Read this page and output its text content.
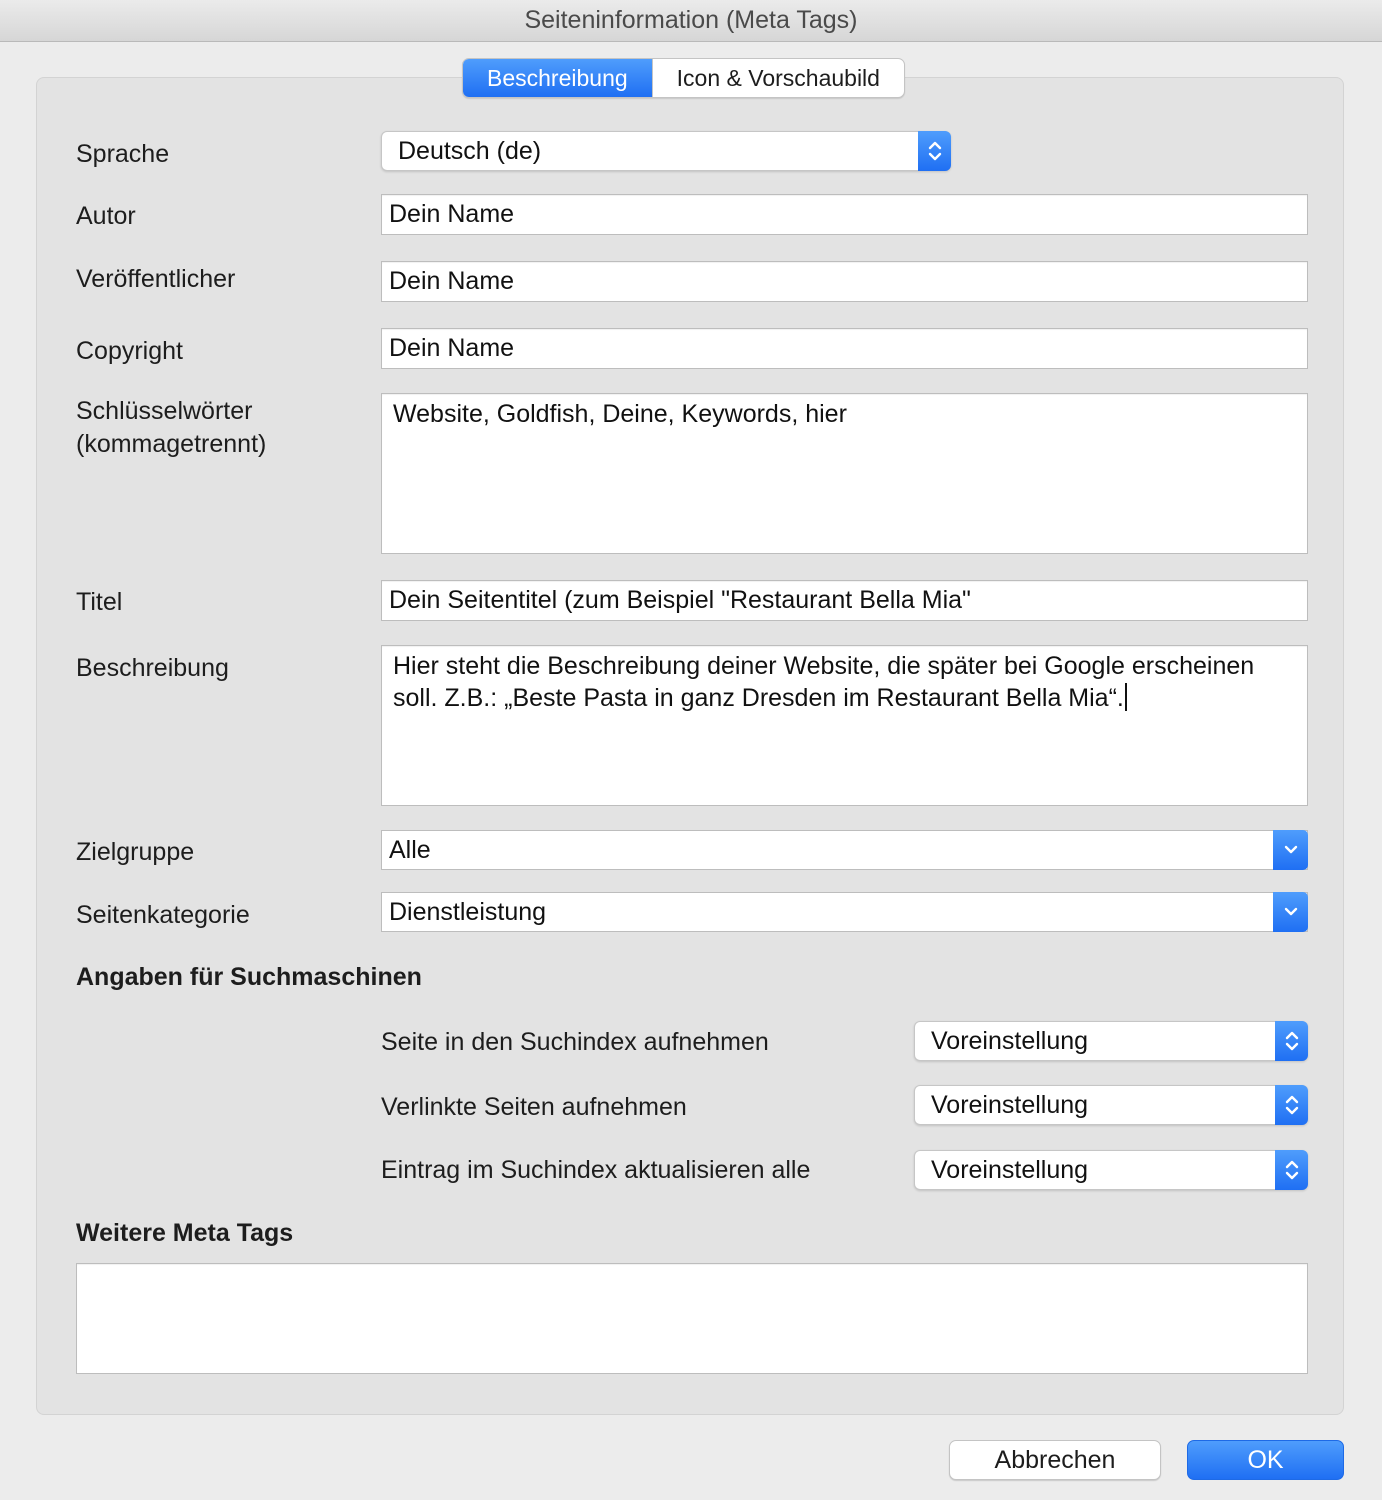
Seiteninformation (Meta Tags)
Beschreibung	Icon & Vorschaubild
Sprache	Deutsch (de)
Autor	Dein Name
Veröffentlicher	Dein Name
Copyright	Dein Name
Schlüsselwörter
(kommagetrennt)
Website, Goldfish, Deine, Keywords, hier
Titel	Dein Seitentitel (zum Beispiel "Restaurant Bella Mia"
Beschreibung	Hier steht die Beschreibung deiner Website, die später bei Google erscheinen soll. Z.B.: „Beste Pasta in ganz Dresden im Restaurant Bella Mia“.
Zielgruppe	Alle
Seitenkategorie	Dienstleistung
Angaben für Suchmaschinen
Seite in den Suchindex aufnehmen	Voreinstellung
Verlinkte Seiten aufnehmen	Voreinstellung
Eintrag im Suchindex aktualisieren alle	Voreinstellung
Weitere Meta Tags
Abbrechen	OK
